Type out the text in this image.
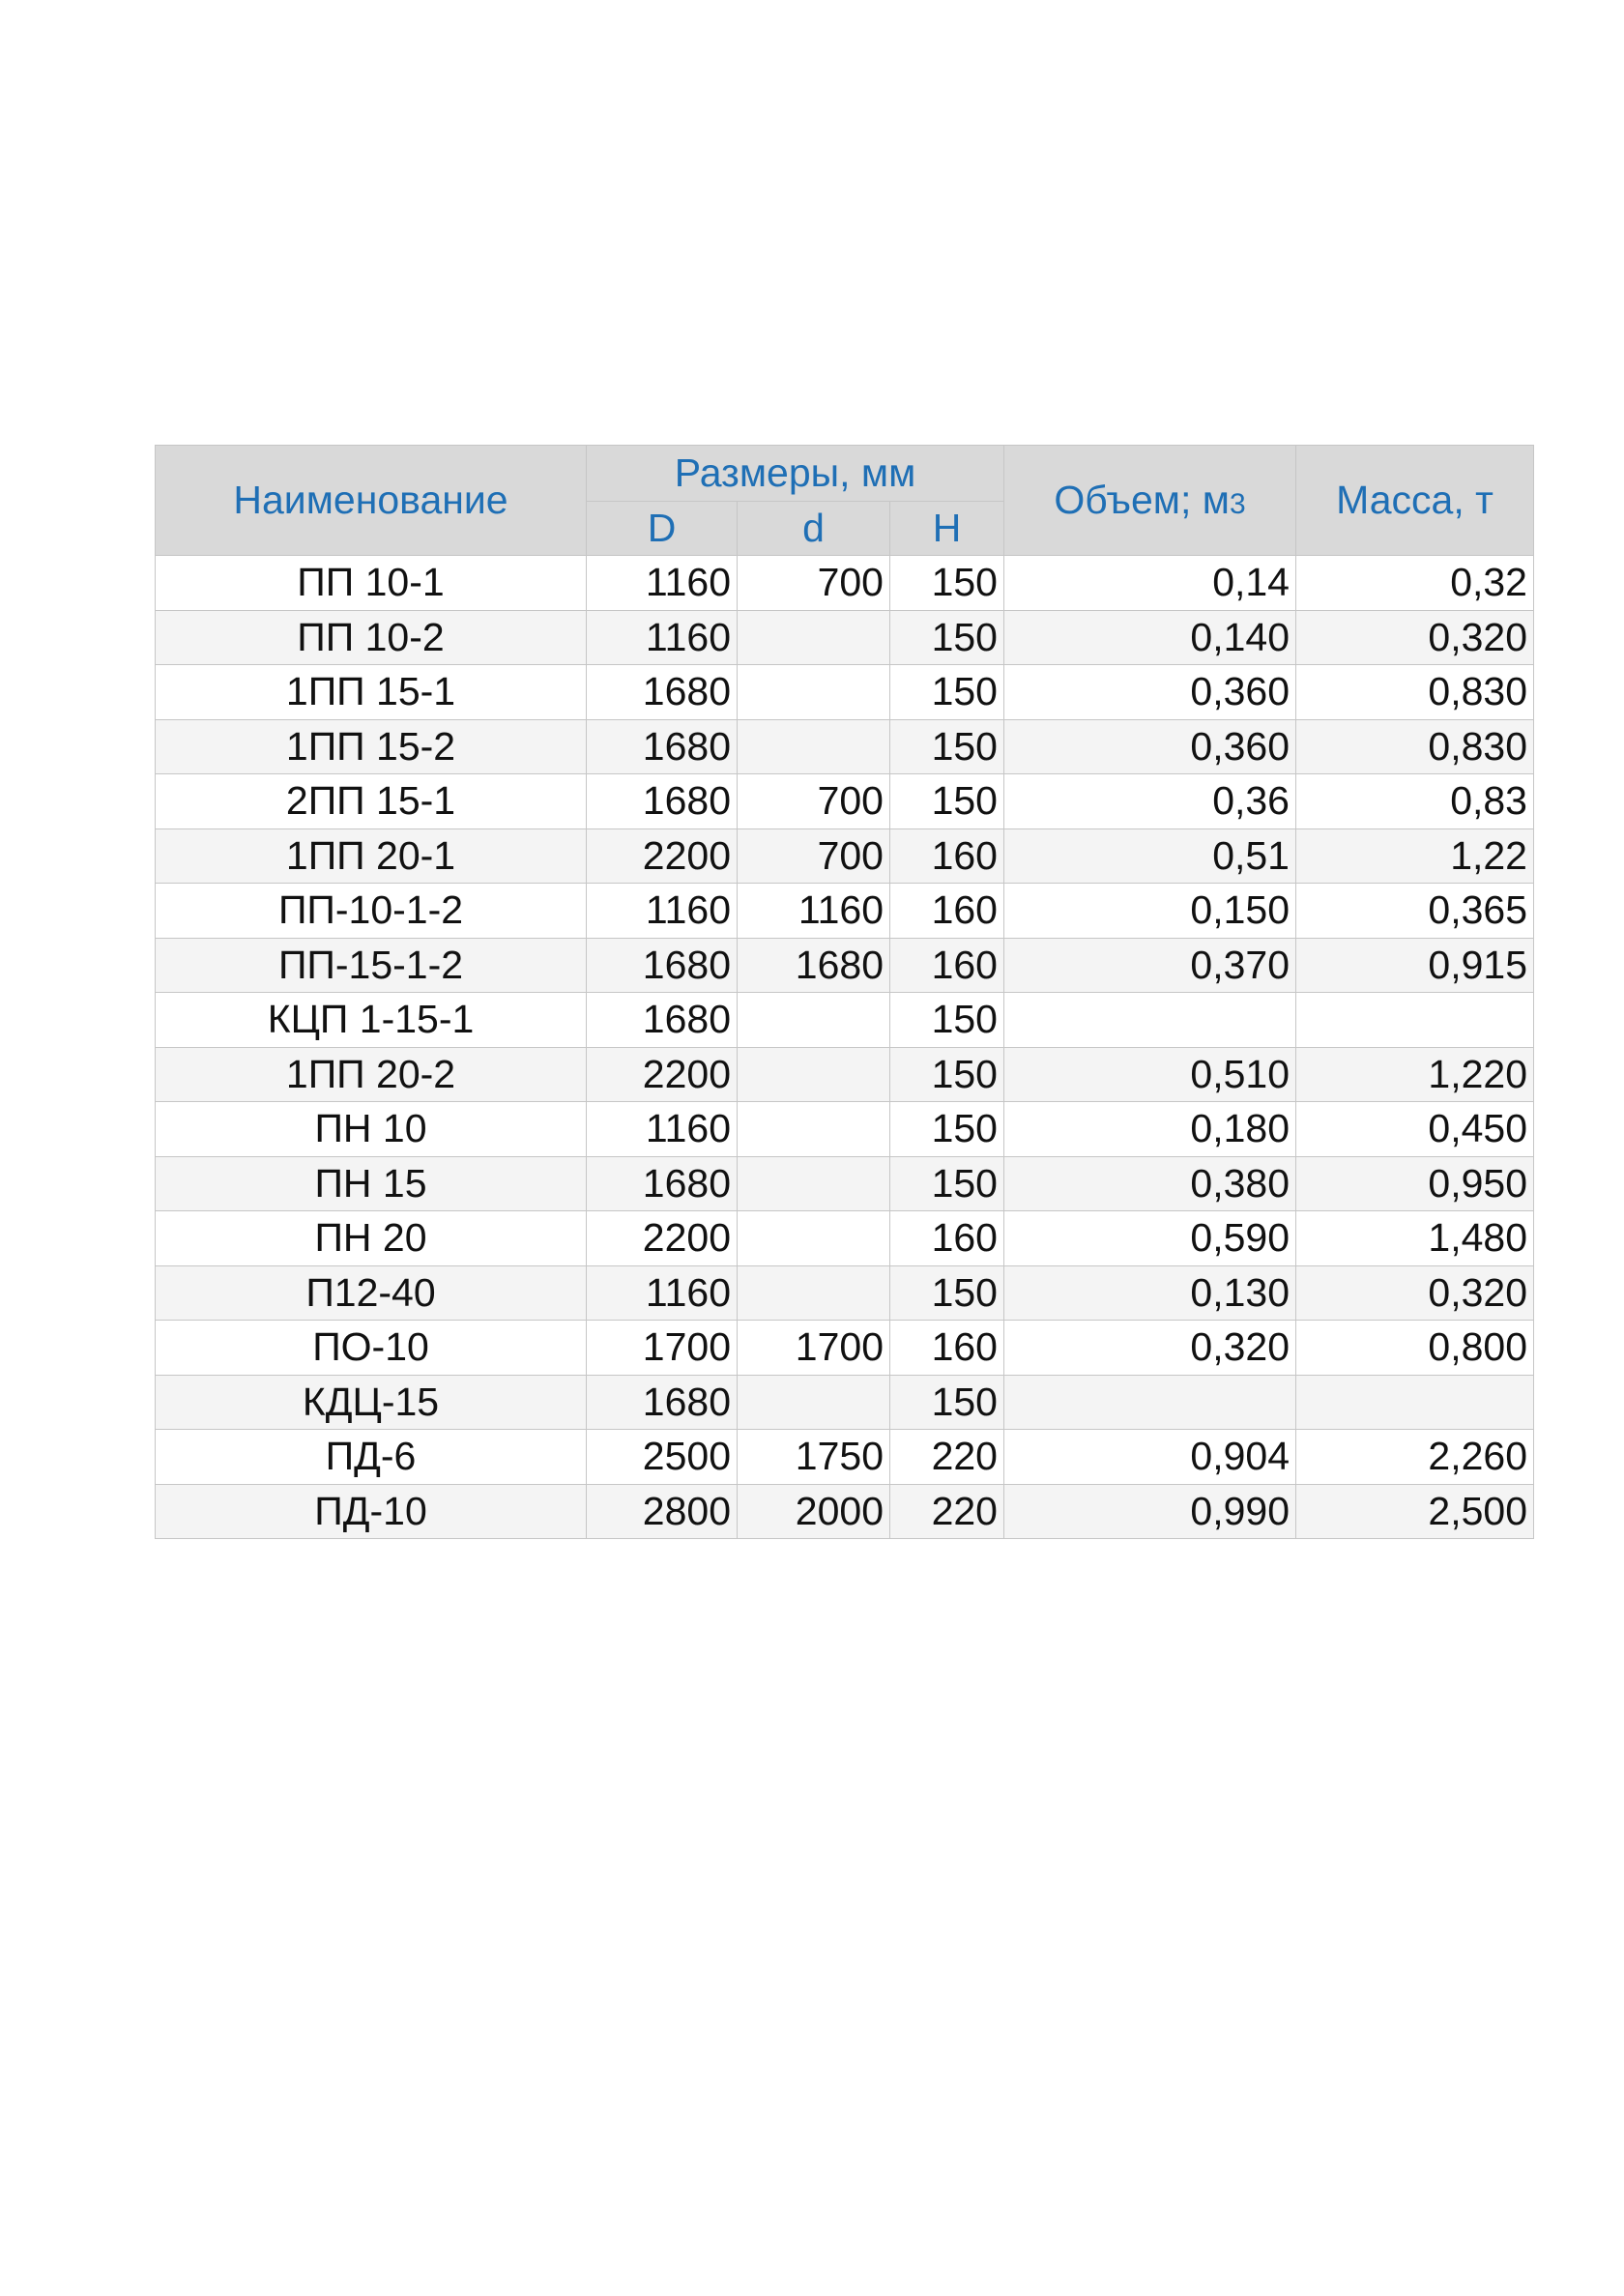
Наименование	Размеры, мм			Объем; м3	Масса, т
	D	d	H		
ПП 10-1	1160	700	150	0,14	0,32
ПП 10-2	1160		150	0,140	0,320
1ПП 15-1	1680		150	0,360	0,830
1ПП 15-2	1680		150	0,360	0,830
2ПП 15-1	1680	700	150	0,36	0,83
1ПП 20-1	2200	700	160	0,51	1,22
ПП-10-1-2	1160	1160	160	0,150	0,365
ПП-15-1-2	1680	1680	160	0,370	0,915
КЦП 1-15-1	1680		150		
1ПП 20-2	2200		150	0,510	1,220
ПН 10	1160		150	0,180	0,450
ПН 15	1680		150	0,380	0,950
ПН 20	2200		160	0,590	1,480
П12-40	1160		150	0,130	0,320
ПО-10	1700	1700	160	0,320	0,800
КДЦ-15	1680		150		
ПД-6	2500	1750	220	0,904	2,260
ПД-10	2800	2000	220	0,990	2,500
